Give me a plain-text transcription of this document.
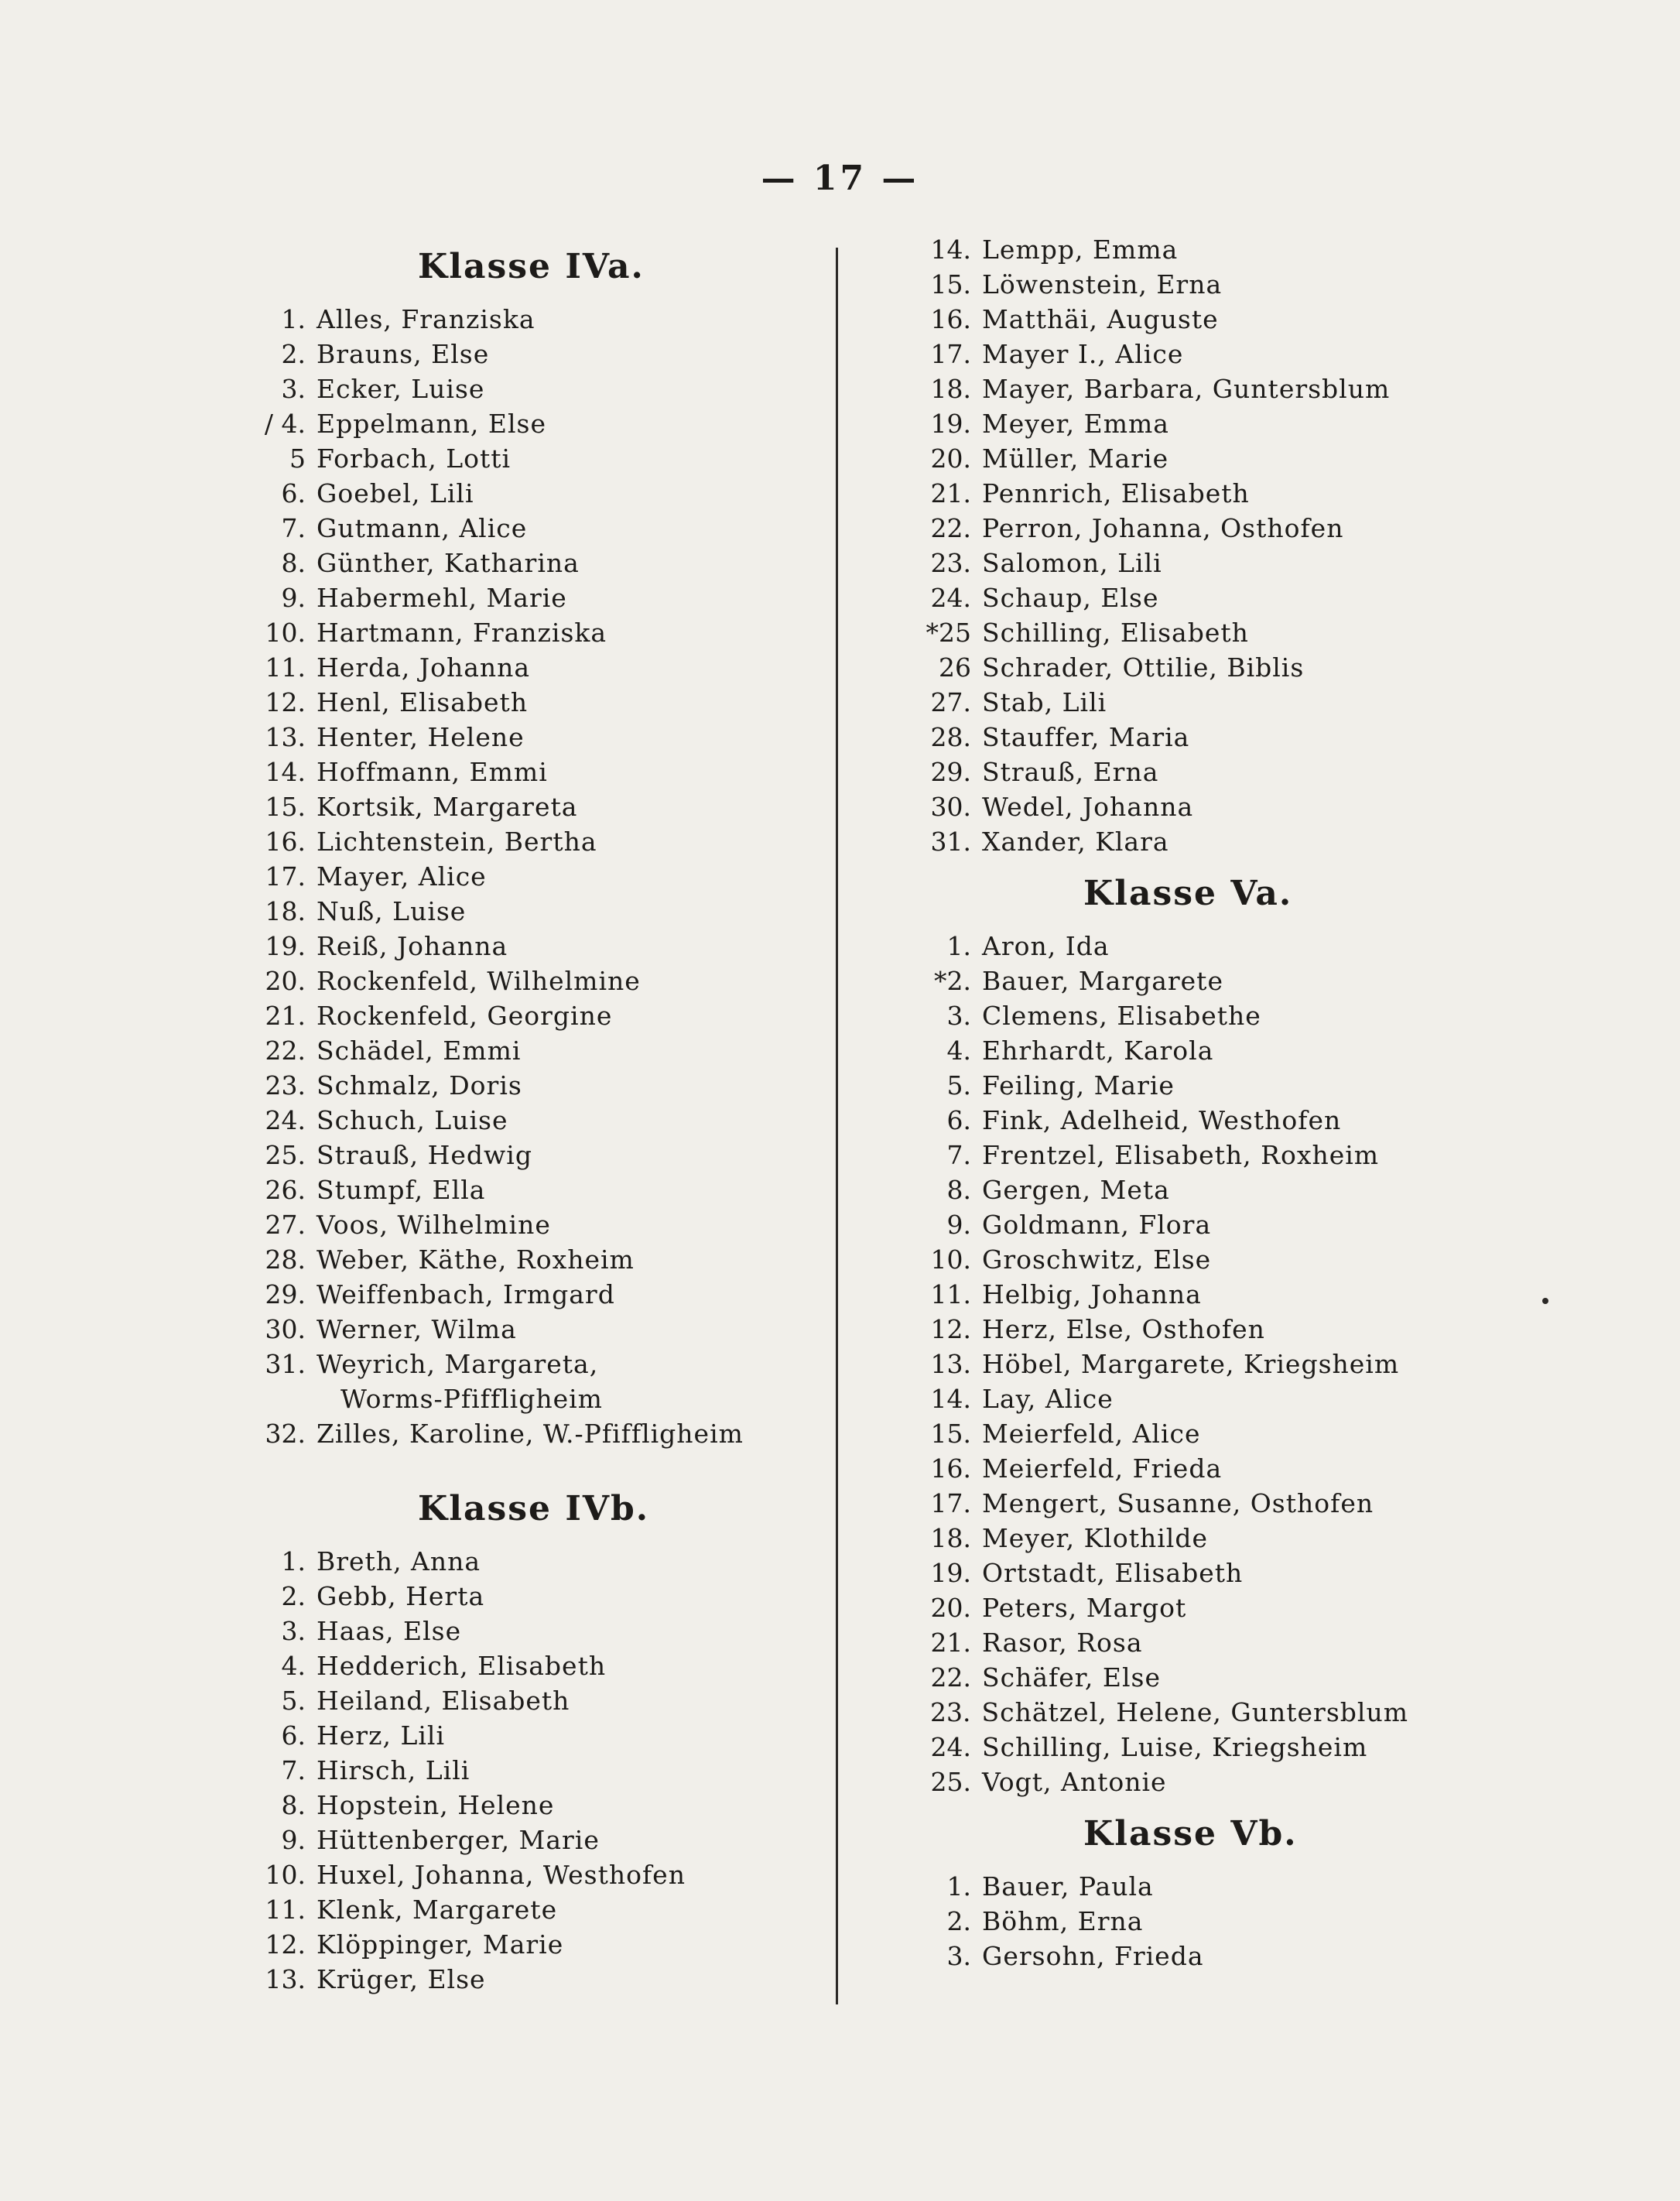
— 17 —
Klasse IVa.
1. Alles, Franziska
2. Brauns, Else
3. Ecker, Luise
/ 4. Eppelmann, Else
5 Forbach, Lotti
6. Goebel, Lili
7. Gutmann, Alice
8. Günther, Katharina
9. Habermehl, Marie
10. Hartmann, Franziska
11. Herda, Johanna
12. Henl, Elisabeth
13. Henter, Helene
14. Hoffmann, Emmi
15. Kortsik, Margareta
16. Lichtenstein, Bertha
17. Mayer, Alice
18. Nuß, Luise
19. Reiß, Johanna
20. Rockenfeld, Wilhelmine
21. Rockenfeld, Georgine
22. Schädel, Emmi
23. Schmalz, Doris
24. Schuch, Luise
25. Strauß, Hedwig
26. Stumpf, Ella
27. Voos, Wilhelmine
28. Weber, Käthe, Roxheim
29. Weiffenbach, Irmgard
30. Werner, Wilma
31. Weyrich, Margareta,
Worms-Pfiffligheim
32. Zilles, Karoline, W.-Pfiffligheim
Klasse IVb.
1. Breth, Anna
2. Gebb, Herta
3. Haas, Else
4. Hedderich, Elisabeth
5. Heiland, Elisabeth
6. Herz, Lili
7. Hirsch, Lili
8. Hopstein, Helene
9. Hüttenberger, Marie
10. Huxel, Johanna, Westhofen
11. Klenk, Margarete
12. Klöppinger, Marie
13. Krüger, Else
14. Lempp, Emma
15. Löwenstein, Erna
16. Matthäi, Auguste
17. Mayer I., Alice
18. Mayer, Barbara, Guntersblum
19. Meyer, Emma
20. Müller, Marie
21. Pennrich, Elisabeth
22. Perron, Johanna, Osthofen
23. Salomon, Lili
24. Schaup, Else
*25 Schilling, Elisabeth
26 Schrader, Ottilie, Biblis
27. Stab, Lili
28. Stauffer, Maria
29. Strauß, Erna
30. Wedel, Johanna
31. Xander, Klara
Klasse Va.
1. Aron, Ida
*2. Bauer, Margarete
3. Clemens, Elisabethe
4. Ehrhardt, Karola
5. Feiling, Marie
6. Fink, Adelheid, Westhofen
7. Frentzel, Elisabeth, Roxheim
8. Gergen, Meta
9. Goldmann, Flora
10. Groschwitz, Else
11. Helbig, Johanna
12. Herz, Else, Osthofen
13. Höbel, Margarete, Kriegsheim
14. Lay, Alice
15. Meierfeld, Alice
16. Meierfeld, Frieda
17. Mengert, Susanne, Osthofen
18. Meyer, Klothilde
19. Ortstadt, Elisabeth
20. Peters, Margot
21. Rasor, Rosa
22. Schäfer, Else
23. Schätzel, Helene, Guntersblum
24. Schilling, Luise, Kriegsheim
25. Vogt, Antonie
Klasse Vb.
1. Bauer, Paula
2. Böhm, Erna
3. Gersohn, Frieda
